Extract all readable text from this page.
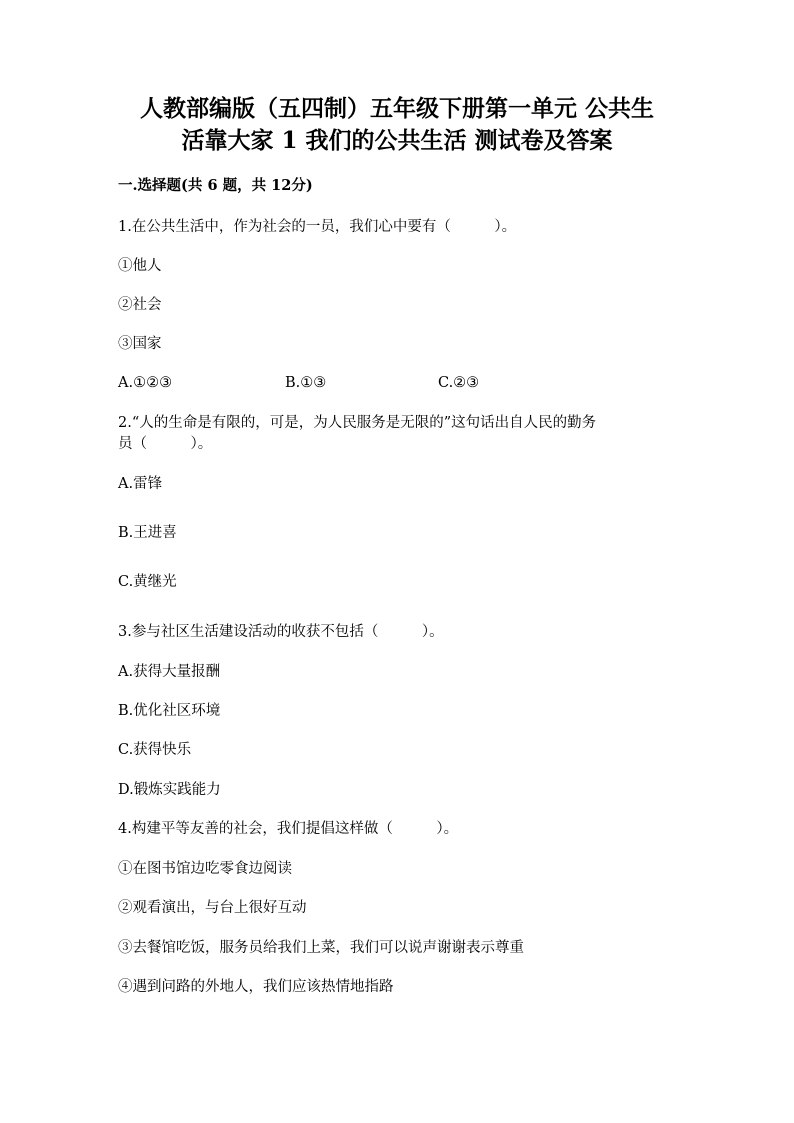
人教部编版（五四制）五年级下册第一单元 公共生
活靠大家 1 我们的公共生活 测试卷及答案
一.选择题(共 6 题，共 12分)
1.在公共生活中，作为社会的一员，我们心中要有（　　　）。
①他人
②社会
③国家
A.①②③	B.①③	C.②③
2.“人的生命是有限的，可是，为人民服务是无限的”这句话出自人民的勤务
员（　　　）。
A.雷锋
B.王进喜
C.黄继光
3.参与社区生活建设活动的收获不包括（　　　）。
A.获得大量报酬
B.优化社区环境
C.获得快乐
D.锻炼实践能力
4.构建平等友善的社会，我们提倡这样做（　　　）。
①在图书馆边吃零食边阅读
②观看演出，与台上很好互动
③去餐馆吃饭，服务员给我们上菜，我们可以说声谢谢表示尊重
④遇到问路的外地人，我们应该热情地指路
